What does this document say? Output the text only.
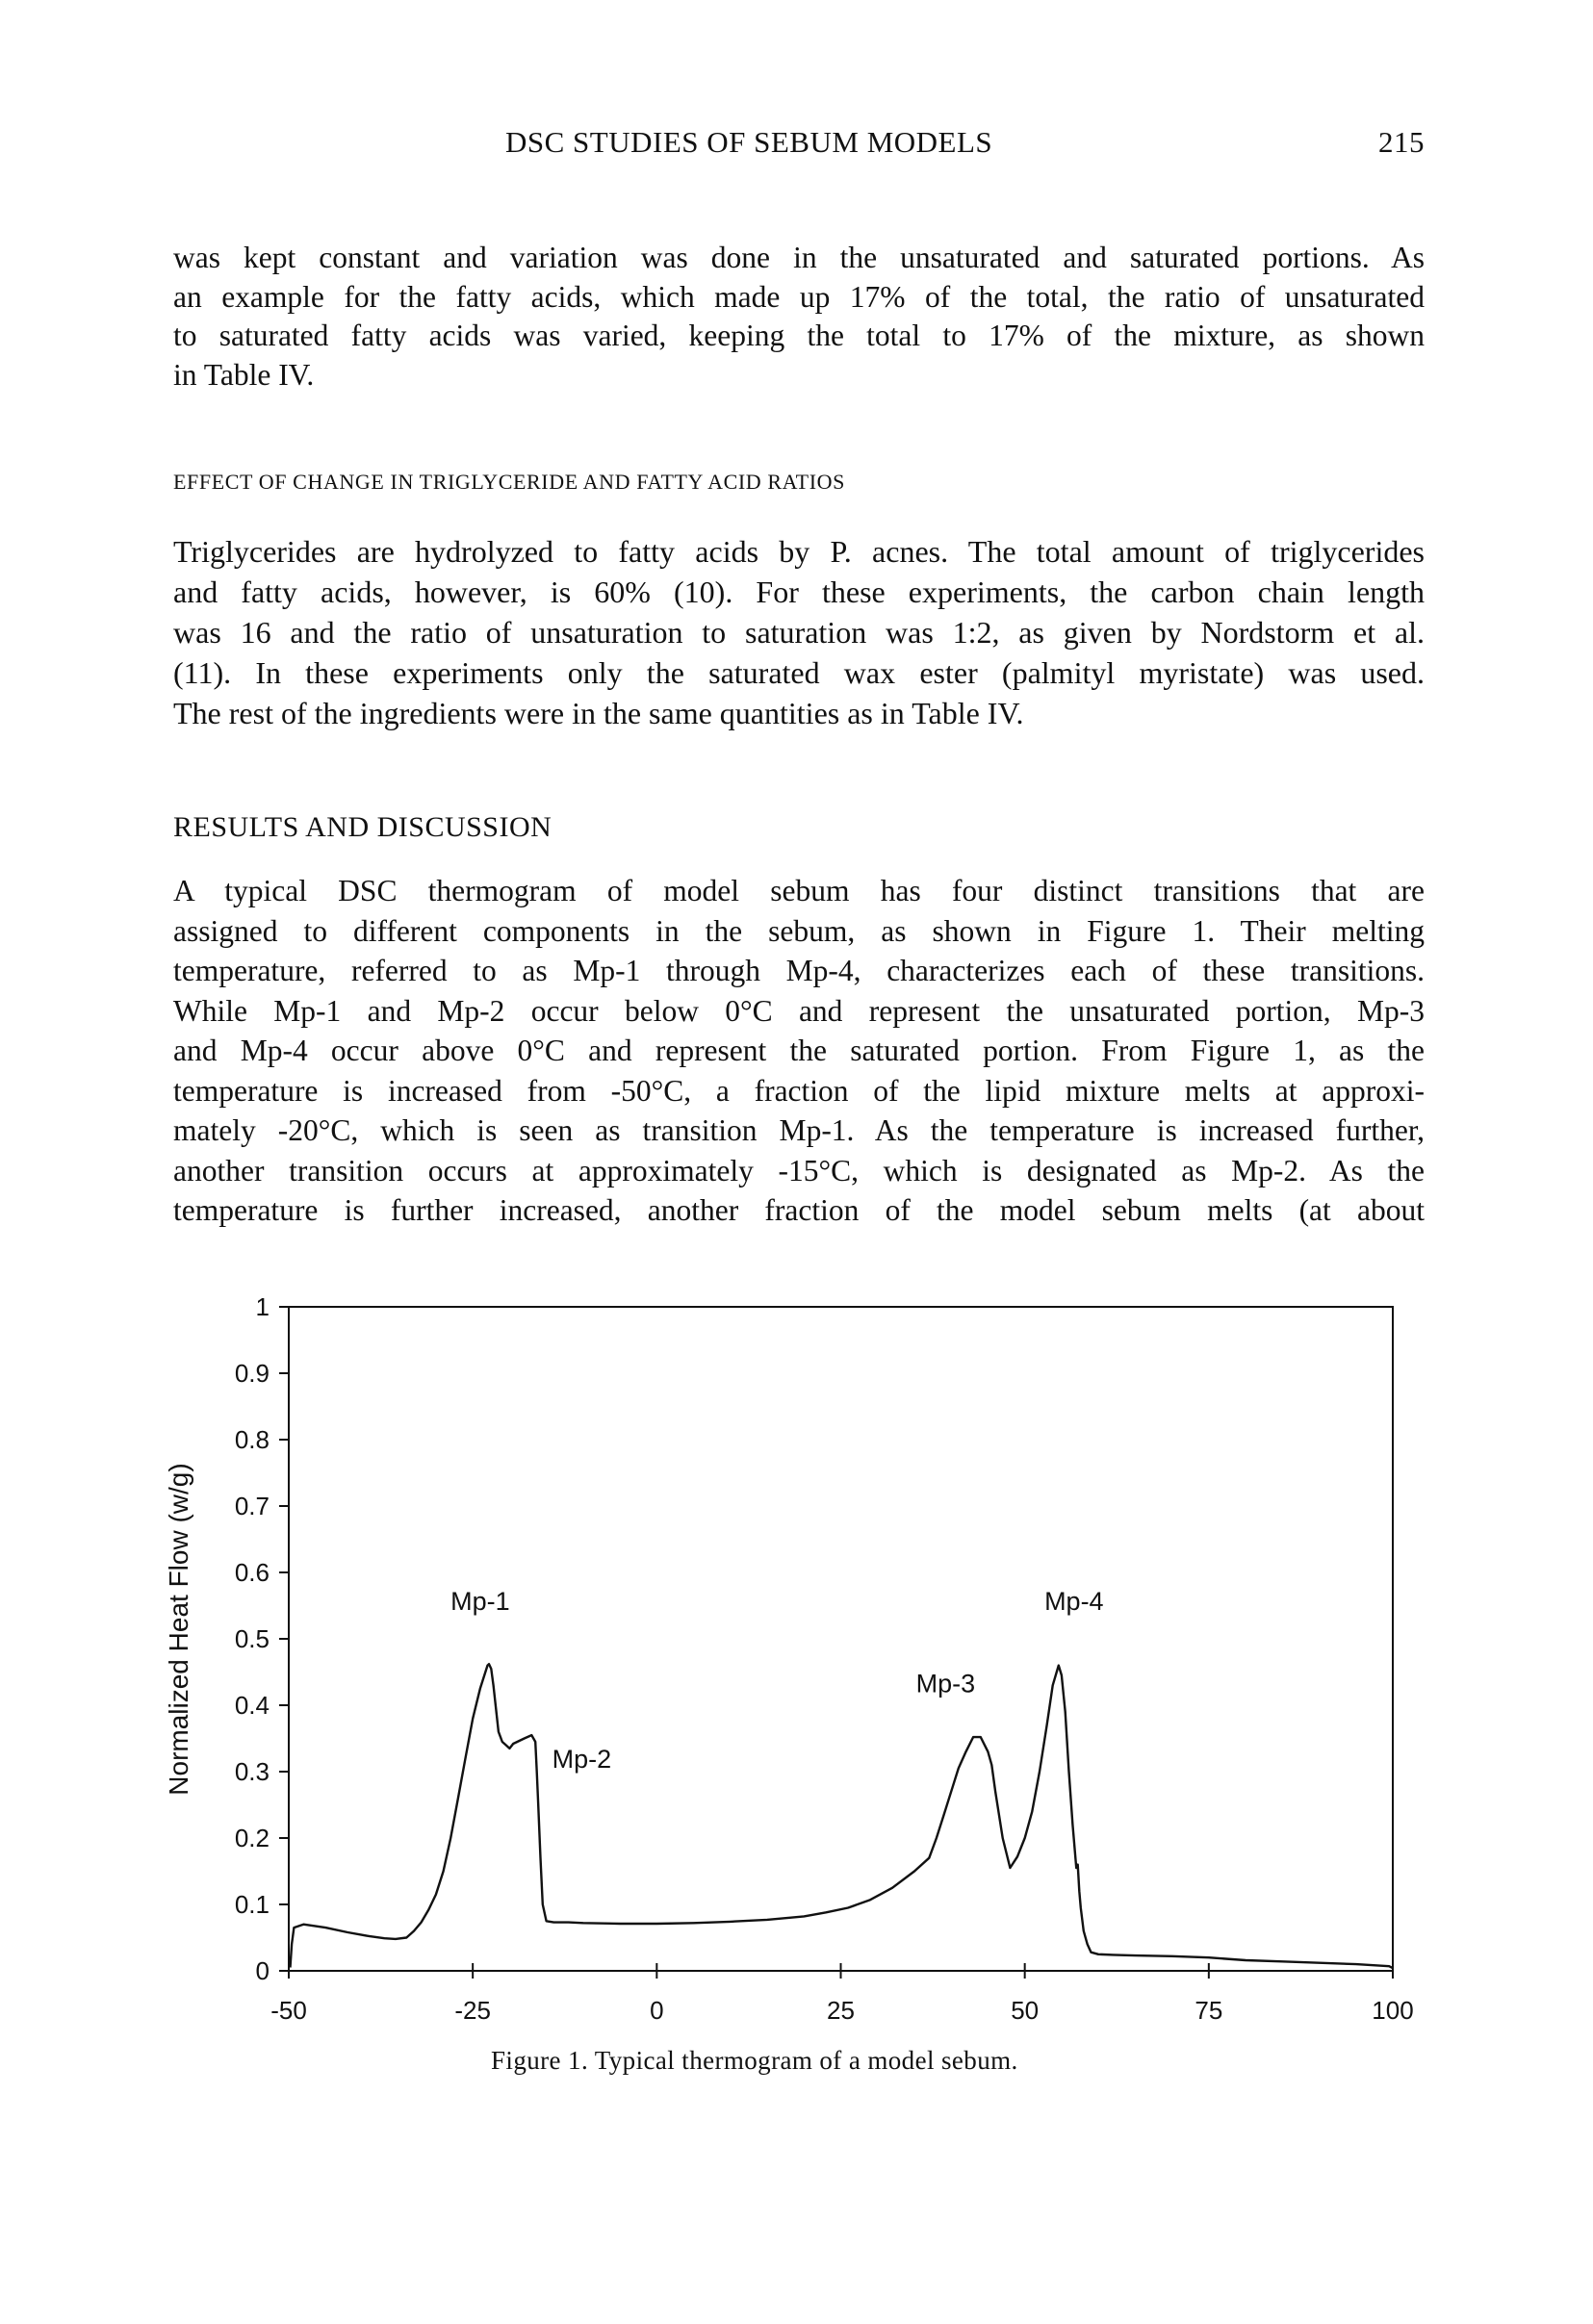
DSC STUDIES OF SEBUM MODELS	215
was kept constant and variation was done in the unsaturated and saturated portions. As
an example for the fatty acids, which made up 17% of the total, the ratio of unsaturated
to saturated fatty acids was varied, keeping the total to 17% of the mixture, as shown
in Table IV.
EFFECT OF CHANGE IN TRIGLYCERIDE AND FATTY ACID RATIOS
Triglycerides are hydrolyzed to fatty acids by P. acnes. The total amount of triglycerides
and fatty acids, however, is 60% (10). For these experiments, the carbon chain length
was 16 and the ratio of unsaturation to saturation was 1:2, as given by Nordstorm et al.
(11). In these experiments only the saturated wax ester (palmityl myristate) was used.
The rest of the ingredients were in the same quantities as in Table IV.
RESULTS AND DISCUSSION
A typical DSC thermogram of model sebum has four distinct transitions that are
assigned to different components in the sebum, as shown in Figure 1. Their melting
temperature, referred to as Mp-1 through Mp-4, characterizes each of these transitions.
While Mp-1 and Mp-2 occur below 0°C and represent the unsaturated portion, Mp-3
and Mp-4 occur above 0°C and represent the saturated portion. From Figure 1, as the
temperature is increased from -50°C, a fraction of the lipid mixture melts at approxi-
mately -20°C, which is seen as transition Mp-1. As the temperature is increased further,
another transition occurs at approximately -15°C, which is designated as Mp-2. As the
temperature is further increased, another fraction of the model sebum melts (at about
0
0.1
0.2
0.3
0.4
0.5
0.6
0.7
0.8
0.9
1
-50	-25	0	25	50	75	100
Normalized Heat Flow (w/g)	Mp-1
Mp-2
Mp-3
Mp-4
Figure 1. Typical thermogram of a model sebum.
